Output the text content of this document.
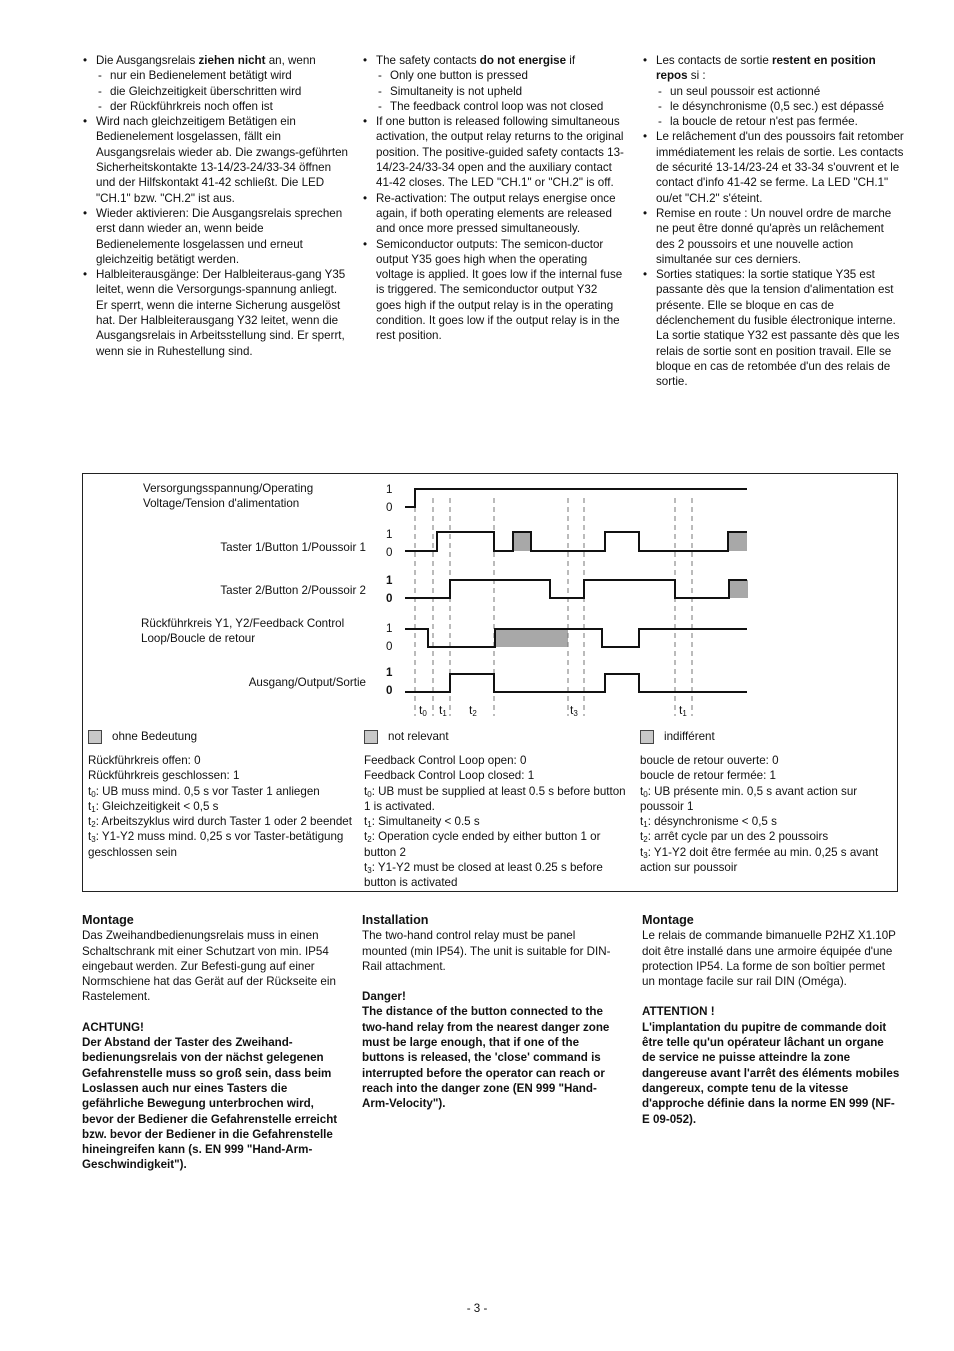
• Die Ausgangsrelais ziehen nicht an, wenn
- nur ein Bedienelement betätigt wird
- die Gleichzeitigkeit überschritten wird
- der Rückführkreis noch offen ist
• Wird nach gleichzeitigem Betätigen ein Bedienelement losgelassen, fällt ein Ausgangsrelais wieder ab. Die zwangs-geführten Sicherheitskontakte 13-14/23-24/33-34 öffnen und der Hilfskontakt 41-42 schließt. Die LED "CH.1" bzw. "CH.2" ist aus.
• Wieder aktivieren: Die Ausgangsrelais sprechen erst dann wieder an, wenn beide Bedienelemente losgelassen und erneut gleichzeitig betätigt werden.
• Halbleiterausgänge: Der Halbleiteraus-gang Y35 leitet, wenn die Versorgungs-spannung anliegt. Er sperrt, wenn die interne Sicherung ausgelöst hat. Der Halbleiterausgang Y32 leitet, wenn die Ausgangsrelais in Arbeitsstellung sind. Er sperrt, wenn sie in Ruhestellung sind.
• The safety contacts do not energise if
- Only one button is pressed
- Simultaneity is not upheld
- The feedback control loop was not closed
• If one button is released following simultaneous activation, the output relay returns to the original position. The positive-guided safety contacts 13-14/23-24/33-34 open and the auxiliary contact 41-42 closes. The LED "CH.1" or "CH.2" is off.
• Re-activation: The output relays energise once again, if both operating elements are released and once more pressed simultaneously.
• Semiconductor outputs: The semicon-ductor output Y35 goes high when the operating voltage is applied. It goes low if the internal fuse is triggered. The semiconductor output Y32 goes high if the output relay is in the operating condition. It goes low if the output relay is in the rest position.
• Les contacts de sortie restent en position repos si :
- un seul poussoir est actionné
- le désynchronisme (0,5 sec.) est dépassé
- la boucle de retour n'est pas fermée.
• Le relâchement d'un des poussoirs fait retomber immédiatement les relais de sortie. Les contacts de sécurité 13-14/23-24 et 33-34 s'ouvrent et le contact d'info 41-42 se ferme. La LED "CH.1" ou/et "CH.2" s'éteint.
• Remise en route : Un nouvel ordre de marche ne peut être donné qu'après un relâchement des 2 poussoirs et une nouvelle action simultanée sur ces derniers.
• Sorties statiques: la sortie statique Y35 est passante dès que la tension d'alimentation est présente. Elle se bloque en cas de déclenchement du fusible électronique interne. La sortie statique Y32 est passante dès que les relais de sortie sont en position travail. Elle se bloque en cas de retombée d'un des relais de sortie.
Versorgungsspannung/Operating
Voltage/Tension d'alimentation
Taster 1/Button 1/Poussoir 1
Taster 2/Button 2/Poussoir 2
Rückführkreis Y1, Y2/Feedback Control
Loop/Boucle de retour
Ausgang/Output/Sortie
1
0
1
0
1
0
1
0
1
0
$t_0$ $t_1$ $t_2$	$t_3$	$t_1$
ohne Bedeutung
Rückführkreis offen: 0
Rückführkreis geschlossen: 1
$t_0$: UB muss mind. 0,5 s vor Taster 1 anliegen
$t_1$: Gleichzeitigkeit < 0,5 s
$t_2$: Arbeitszyklus wird durch Taster 1 oder 2 beendet
$t_3$: Y1-Y2 muss mind. 0,25 s vor Taster-betätigung geschlossen sein
not relevant
Feedback Control Loop open: 0
Feedback Control Loop closed: 1
$t_0$: UB must be supplied at least 0.5 s before button 1 is activated.
$t_1$: Simultaneity < 0.5 s
$t_2$: Operation cycle ended by either button 1 or button 2
$t_3$: Y1-Y2 must be closed at least 0.25 s before button is activated
indifférent
boucle de retour ouverte: 0
boucle de retour fermée: 1
$t_0$: UB présente min. 0,5 s avant action sur poussoir 1
$t_1$: désynchronisme < 0,5 s
$t_2$: arrêt cycle par un des 2 poussoirs
$t_3$: Y1-Y2 doit être fermée au min. 0,25 s avant action sur poussoir
Montage
Das Zweihandbedienungsrelais muss in einen Schaltschrank mit einer Schutzart von min. IP54 eingebaut werden. Zur Befesti-gung auf einer Normschiene hat das Gerät auf der Rückseite ein Rastelement.
ACHTUNG!
Der Abstand der Taster des Zweihand-bedienungsrelais von der nächst gelegenen Gefahrenstelle muss so groß sein, dass beim Loslassen auch nur eines Tasters die gefährliche Bewegung unterbrochen wird, bevor der Bediener die Gefahrenstelle erreicht bzw. bevor der Bediener in die Gefahrenstelle hineingreifen kann (s. EN 999 "Hand-Arm-Geschwindigkeit").
Installation
The two-hand control relay must be panel mounted (min IP54). The unit is suitable for DIN-Rail attachment.
Danger!
The distance of the button connected to the two-hand relay from the nearest danger zone must be large enough, that if one of the buttons is released, the 'close' command is interrupted before the operator can reach or reach into the danger zone (EN 999 "Hand-Arm-Velocity").
Montage
Le relais de commande bimanuelle P2HZ X1.10P doit être installé dans une armoire équipée d'une protection IP54. La forme de son boîtier permet un montage facile sur rail DIN (Oméga).
ATTENTION !
L'implantation du pupitre de commande doit être telle qu'un opérateur lâchant un organe de service ne puisse atteindre la zone dangereuse avant l'arrêt des éléments mobiles dangereux, compte tenu de la vitesse d'approche définie dans la norme EN 999 (NF-E 09-052).
- 3 -
